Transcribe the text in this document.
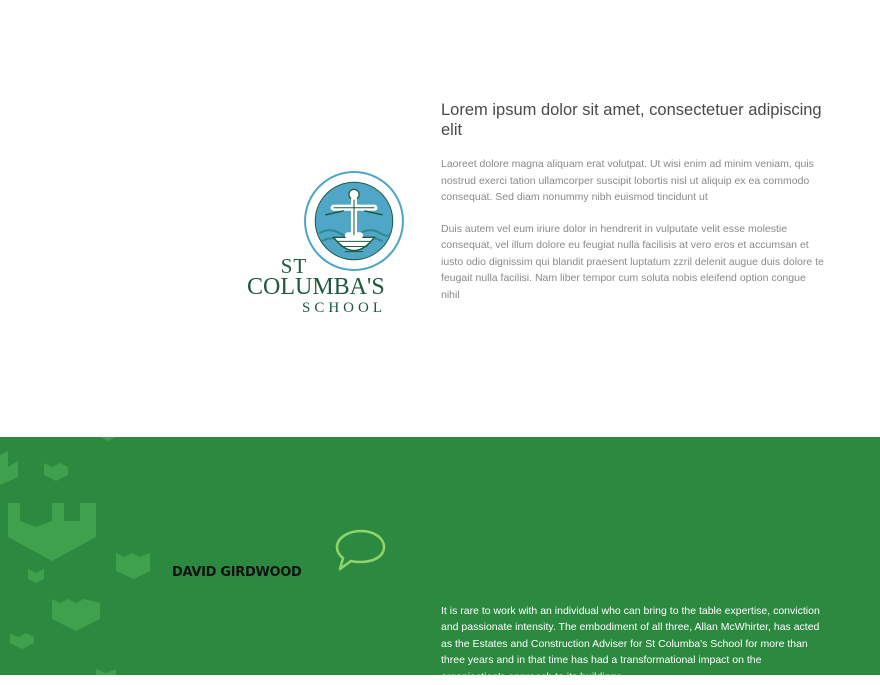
ST
COLUMBA'S
SCHOOL
Lorem ipsum dolor sit amet, consectetuer adipiscing elit

Laoreet dolore magna aliquam erat volutpat. Ut wisi enim ad minim veniam, quis nostrud exerci tation ullamcorper suscipit lobortis nisl ut aliquip ex ea commodo consequat. Sed diam nonummy nibh euismod tincidunt ut

Duis autem vel eum iriure dolor in hendrerit in vulputate velit esse molestie consequat, vel illum dolore eu feugiat nulla facilisis at vero eros et accumsan et iusto odio dignissim qui blandit praesent luptatum zzril delenit augue duis dolore te feugait nulla facilisi. Nam liber tempor cum soluta nobis eleifend option congue nihil

DAVID GIRDWOOD

It is rare to work with an individual who can bring to the table expertise, conviction and passionate intensity. The embodiment of all three, Allan McWhirter, has acted as the Estates and Construction Adviser for St Columba's School for more than three years and in that time has had a transformational impact on the organisation's approach to its buildings
